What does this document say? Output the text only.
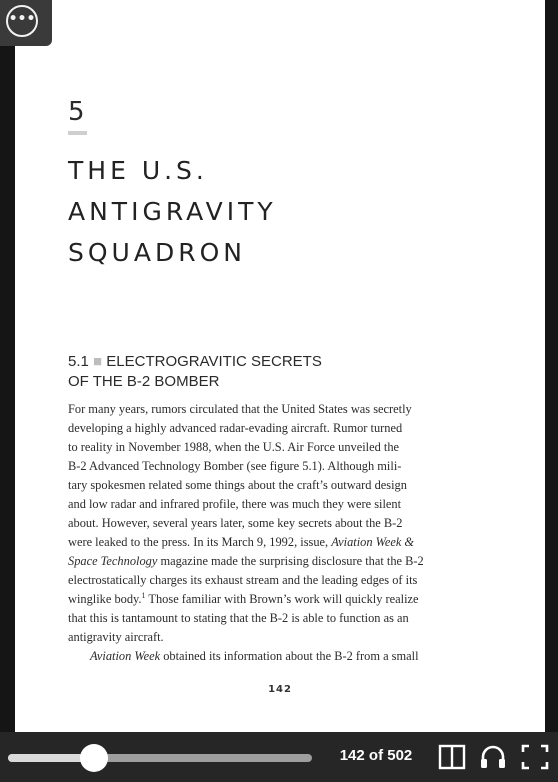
•••
5
THE U.S.
ANTIGRAVITY
SQUADRON
5.1 ■ ELECTROGRAVITIC SECRETS
OF THE B-2 BOMBER
For many years, rumors circulated that the United States was secretly
developing a highly advanced radar-evading aircraft. Rumor turned
to reality in November 1988, when the U.S. Air Force unveiled the
B-2 Advanced Technology Bomber (see figure 5.1). Although mili-
tary spokesmen related some things about the craft’s outward design
and low radar and infrared profile, there was much they were silent
about. However, several years later, some key secrets about the B-2
were leaked to the press. In its March 9, 1992, issue, Aviation Week &
Space Technology magazine made the surprising disclosure that the B-2
electrostatically charges its exhaust stream and the leading edges of its
winglike body.$^1$ Those familiar with Brown’s work will quickly realize
that this is tantamount to stating that the B-2 is able to function as an
antigravity aircraft.
Aviation Week obtained its information about the B-2 from a small
142
142 of 502
